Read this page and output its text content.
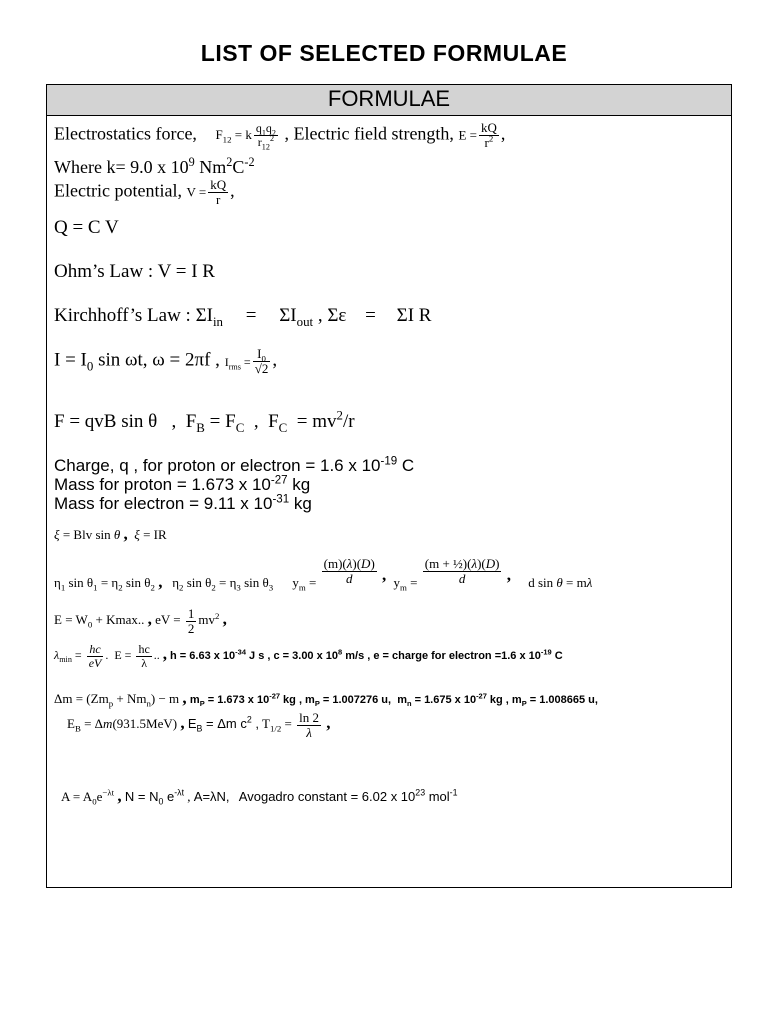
LIST OF SELECTED FORMULAE
FORMULAE
Electrostatics force, $F_{12} = k \frac{q_1q_2}{r_{12}^2}$ , Electric field strength, $E = \frac{kQ}{r^2}$ ,
Where k= 9.0 x $10^9$ $Nm^2C^{-2}$
Electric potential, $V = \frac{kQ}{r}$ ,
Q = C V
Ohm’s Law : V = I R
Kirchhoff’s Law : $\Sigma I_{in} = \Sigma I_{out}$ , Σɛ = ΣI R
$I = I_0$ sin ωt, ω = 2πf , $I_{rms} = \frac{I_0}{√2}$ ,
F = qvB sin θ   ,  $F_B = F_C$  ,  $F_C = mv^2/r$
Charge, q , for proton or electron = 1.6 x $10^{-19}$ C
Mass for proton = 1.673 x $10^{-27}$ kg
Mass for electron = 9.11 x $10^{-31}$ kg
ξ = Blv sin θ , ξ = IR
$\eta_1$ $\sin \theta_1 = \eta_2$ $\sin \theta_2$ ,   $\eta_2$ $\sin \theta_2 = \eta_3$ $\sin \theta_3$ $y_m = \frac{(m)(\lambda)(D)}{d}$ , $y_m = \frac{\text{(m + ½)(λ)(D)}}{d}$ , d sin θ = mλ
$E = W_0 + Kmax$.. , eV = $\frac{1}{2} mv^2$ ,
$\lambda_{min} = \frac{hc}{eV}$ .  $E = \frac{hc}{\lambda}$ .. , h = 6.63 x $10^{-34}$ J s , c = 3.00 x $10^8$ m/s , e = charge for electron =1.6 x $10^{-19}$ C
$\Delta m = (Zm_p + Nm_n) - m$ , $m_P = 1.673$ x $10^{-27}$ kg , $m_P = 1.007276$ u,  $m_n = 1.675$ x $10^{-27}$ kg , $m_P = 1.008665$ u,
$E_B = \Delta m(931.5MeV)$ , $E_B = \Delta m$ $c^2$ , $T_{1/2} = \frac{\ln 2}{\lambda}$ ,
$A = A_0e^{-\lambda t}$ , $N = N_0$ $e^{-\lambda t}$ , A=λN, Avogadro constant = 6.02 x $10^{23}$ mol$^{-1}$
